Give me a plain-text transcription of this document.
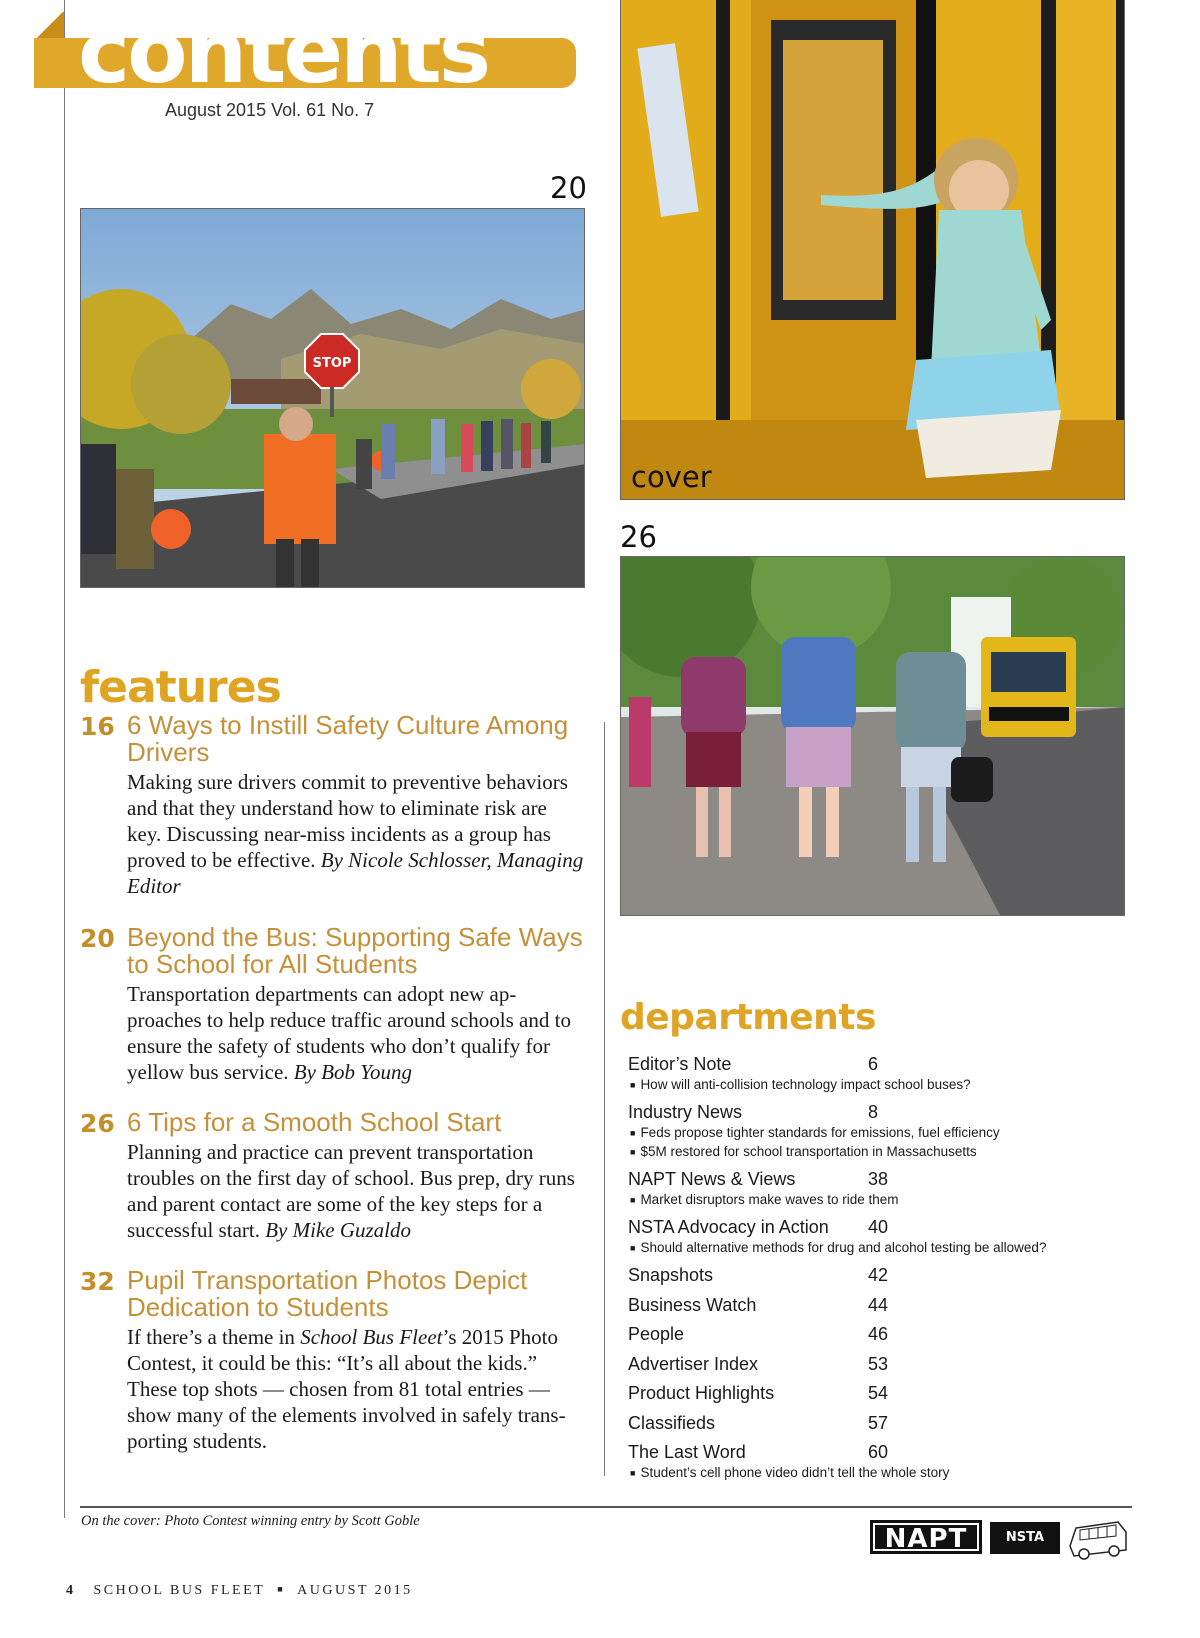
contents
August 2015 Vol. 61 No. 7
20
STOP
cover
26
features
16 6 Ways to Instill Safety Culture Among Drivers
Making sure drivers commit to preventive behaviors and that they understand how to eliminate risk are key. Discussing near-miss incidents as a group has proved to be effective. By Nicole Schlosser, Managing Editor
20 Beyond the Bus: Supporting Safe Ways to School for All Students
Transportation departments can adopt new ap-proaches to help reduce traffic around schools and to ensure the safety of students who don’t qualify for yellow bus service. By Bob Young
26 6 Tips for a Smooth School Start
Planning and practice can prevent transportation troubles on the first day of school. Bus prep, dry runs and parent contact are some of the key steps for a successful start. By Mike Guzaldo
32 Pupil Transportation Photos Depict Dedication to Students
If there’s a theme in School Bus Fleet’s 2015 Photo Contest, it could be this: “It’s all about the kids.” These top shots — chosen from 81 total entries — show many of the elements involved in safely trans-porting students.
departments
Editor’s Note	6
■ How will anti-collision technology impact school buses?
Industry News	8
■ Feds propose tighter standards for emissions, fuel efficiency
■ $5M restored for school transportation in Massachusetts
NAPT News & Views	38
■ Market disruptors make waves to ride them
NSTA Advocacy in Action 40
■ Should alternative methods for drug and alcohol testing be allowed?
Snapshots	42
Business Watch	44
People	46
Advertiser Index	53
Product Highlights	54
Classifieds	57
The Last Word	60
■ Student’s cell phone video didn’t tell the whole story
On the cover: Photo Contest winning entry by Scott Goble
NAPT	NSTA
4 SCHOOL BUS FLEET ■ AUGUST 2015
